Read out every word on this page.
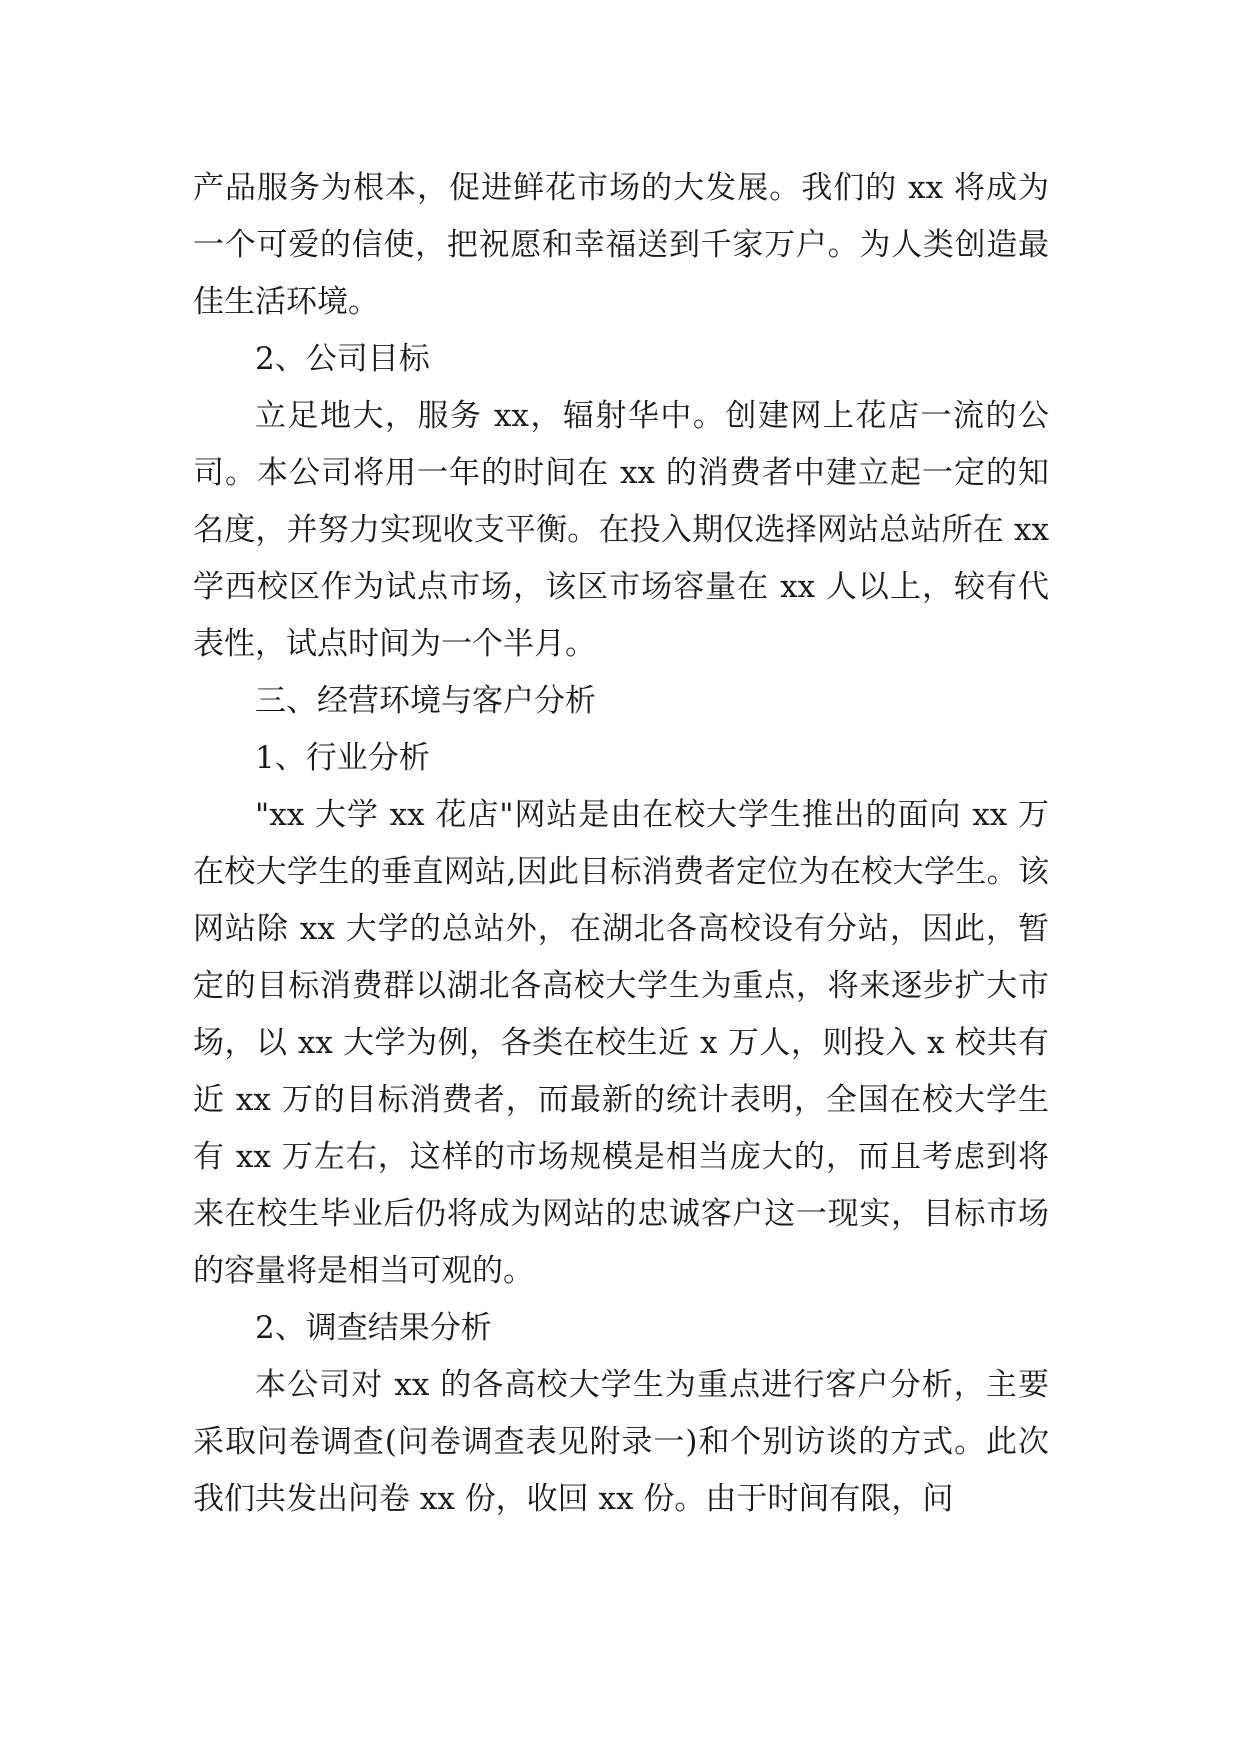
产品服务为根本，促进鲜花市场的大发展。我们的 xx 将成为一个可爱的信使，把祝愿和幸福送到千家万户。为人类创造最佳生活环境。

2、公司目标

立足地大，服务 xx，辐射华中。创建网上花店一流的公司。本公司将用一年的时间在 xx 的消费者中建立起一定的知名度，并努力实现收支平衡。在投入期仅选择网站总站所在 xx 学西校区作为试点市场，该区市场容量在 xx 人以上，较有代表性，试点时间为一个半月。

三、经营环境与客户分析

1、行业分析

"xx 大学 xx 花店"网站是由在校大学生推出的面向 xx 万在校大学生的垂直网站,因此目标消费者定位为在校大学生。该网站除 xx 大学的总站外，在湖北各高校设有分站，因此，暂定的目标消费群以湖北各高校大学生为重点，将来逐步扩大市场，以 xx 大学为例，各类在校生近 x 万人，则投入 x 校共有近 xx 万的目标消费者，而最新的统计表明，全国在校大学生有 xx 万左右，这样的市场规模是相当庞大的，而且考虑到将来在校生毕业后仍将成为网站的忠诚客户这一现实，目标市场的容量将是相当可观的。

2、调查结果分析

本公司对 xx 的各高校大学生为重点进行客户分析，主要采取问卷调查(问卷调查表见附录一)和个别访谈的方式。此次我们共发出问卷 xx 份，收回 xx 份。由于时间有限，问
